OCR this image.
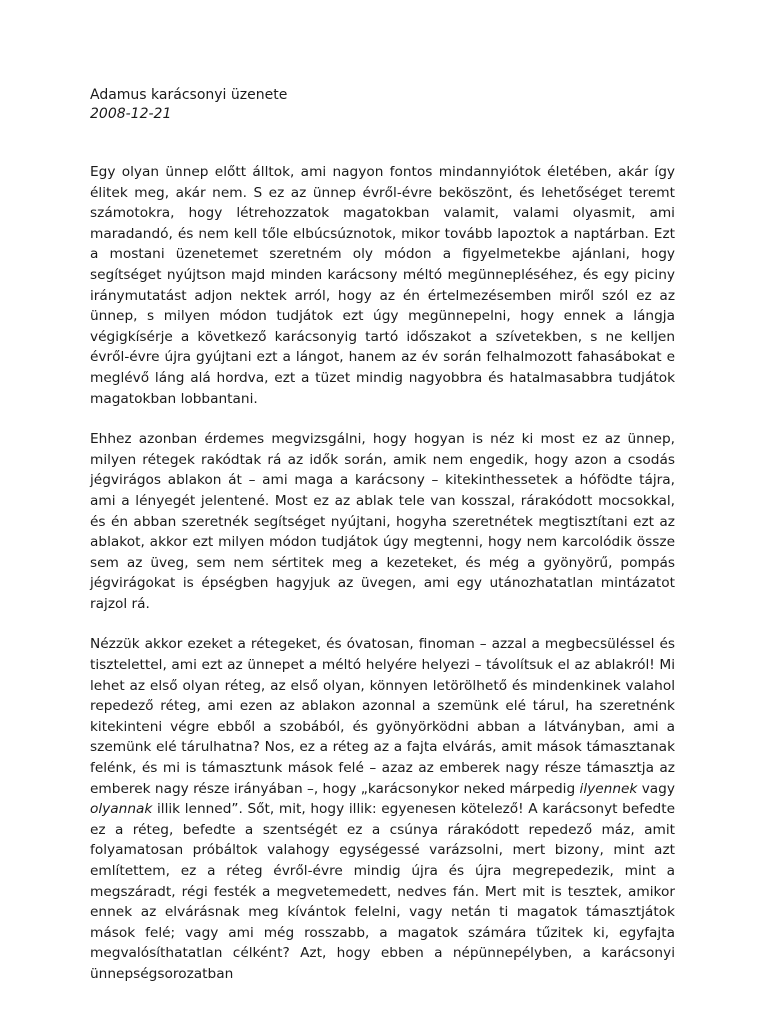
Adamus karácsonyi üzenete

2008-12-21

Egy olyan ünnep előtt álltok, ami nagyon fontos mindannyiótok életében, akár így élitek meg, akár nem. S ez az ünnep évről-évre beköszönt, és lehetőséget teremt számotokra, hogy létrehozzatok magatokban valamit, valami olyasmit, ami maradandó, és nem kell tőle elbúcsúznotok, mikor tovább lapoztok a naptárban. Ezt a mostani üzenetemet szeretném oly módon a figyelmetekbe ajánlani, hogy segítséget nyújtson majd minden karácsony méltó megünnepléséhez, és egy piciny iránymutatást adjon nektek arról, hogy az én értelmezésemben miről szól ez az ünnep, s milyen módon tudjátok ezt úgy megünnepelni, hogy ennek a lángja végigkísérje a következő karácsonyig tartó időszakot a szívetekben, s ne kelljen évről-évre újra gyújtani ezt a lángot, hanem az év során felhalmozott fahasábokat e meglévő láng alá hordva, ezt a tüzet mindig nagyobbra és hatalmasabbra tudjátok magatokban lobbantani.

Ehhez azonban érdemes megvizsgálni, hogy hogyan is néz ki most ez az ünnep, milyen rétegek rakódtak rá az idők során, amik nem engedik, hogy azon a csodás jégvirágos ablakon át – ami maga a karácsony – kitekinthessetek a hófödte tájra, ami a lényegét jelentené. Most ez az ablak tele van kosszal, rárakódott mocsokkal, és én abban szeretnék segítséget nyújtani, hogyha szeretnétek megtisztítani ezt az ablakot, akkor ezt milyen módon tudjátok úgy megtenni, hogy nem karcolódik össze sem az üveg, sem nem sértitek meg a kezeteket, és még a gyönyörű, pompás jégvirágokat is épségben hagyjuk az üvegen, ami egy utánozhatatlan mintázatot rajzol rá.

Nézzük akkor ezeket a rétegeket, és óvatosan, finoman – azzal a megbecsüléssel és tisztelettel, ami ezt az ünnepet a méltó helyére helyezi – távolítsuk el az ablakról! Mi lehet az első olyan réteg, az első olyan, könnyen letörölhető és mindenkinek valahol repedező réteg, ami ezen az ablakon azonnal a szemünk elé tárul, ha szeretnénk kitekinteni végre ebből a szobából, és gyönyörködni abban a látványban, ami a szemünk elé tárulhatna? Nos, ez a réteg az a fajta elvárás, amit mások támasztanak felénk, és mi is támasztunk mások felé – azaz az emberek nagy része támasztja az emberek nagy része irányában –, hogy „karácsonykor neked márpedig ilyennek vagy olyannak illik lenned”. Sőt, mit, hogy illik: egyenesen kötelező! A karácsonyt befedte ez a réteg, befedte a szentségét ez a csúnya rárakódott repedező máz, amit folyamatosan próbáltok valahogy egységessé varázsolni, mert bizony, mint azt említettem, ez a réteg évről-évre mindig újra és újra megrepedezik, mint a megszáradt, régi festék a megvetemedett, nedves fán. Mert mit is tesztek, amikor ennek az elvárásnak meg kívántok felelni, vagy netán ti magatok támasztjátok mások felé; vagy ami még rosszabb, a magatok számára tűzitek ki, egyfajta megvalósíthatatlan célként? Azt, hogy ebben a népünnepélyben, a karácsonyi ünnepségsorozatban
